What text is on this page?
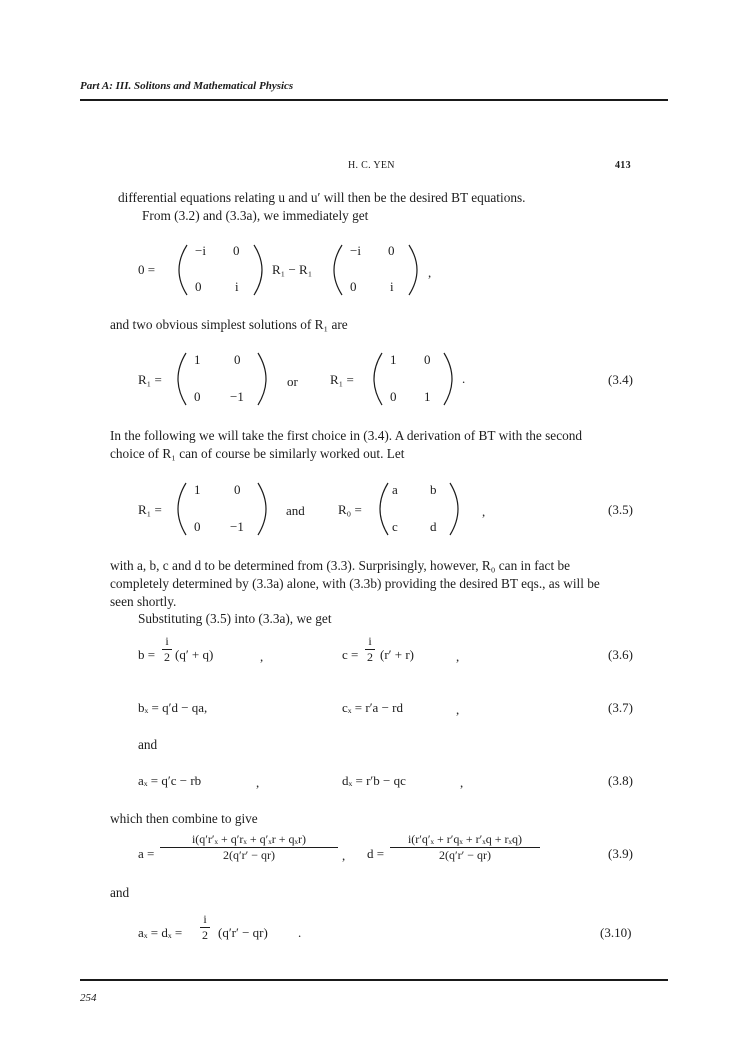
Part A: III. Solitons and Mathematical Physics
H. C. YEN	413
differential equations relating u and u′ will then be the desired BT equations.
From (3.2) and (3.3a), we immediately get
0 =
−i 0
0	i
R₁ − R₁
−i 0
0	i
,
and two obvious simplest solutions of R₁ are
R₁ =
1	0
0 −1
or R₁ =
1 0
0 1
.	(3.4)
In the following we will take the first choice in (3.4). A derivation of BT with the second
choice of R₁ can of course be similarly worked out. Let
R₁ =
1	0
0 −1
and	R₀ =
a b
c d
,	(3.5)
with a, b, c and d to be determined from (3.3). Surprisingly, however, R₀ can in fact be
completely determined by (3.3a) alone, with (3.3b) providing the desired BT eqs., as will be
seen shortly.
Substituting (3.5) into (3.3a), we get
$b = \frac{i}{2} (q' + q)$	,	$c = \frac{i}{2} (r' + r)$	,	(3.6)
bₓ = q′d − qa,	cₓ = r′a − rd	,	(3.7)
and
aₓ = q′c − rb	,	dₓ = r′b − qc	,	(3.8)
which then combine to give
a =
i(q′r′ₓ + q′rₓ + q′ₓr + qₓr)
2(q′r′ − qr)	, d =
i(r′q′ₓ + r′qₓ + r′ₓq + rₓq)
2(q′r′ − qr)	(3.9)
and
$a_x = d_x = \frac{i}{2} (q'r' - qr)$ .	(3.10)
254
